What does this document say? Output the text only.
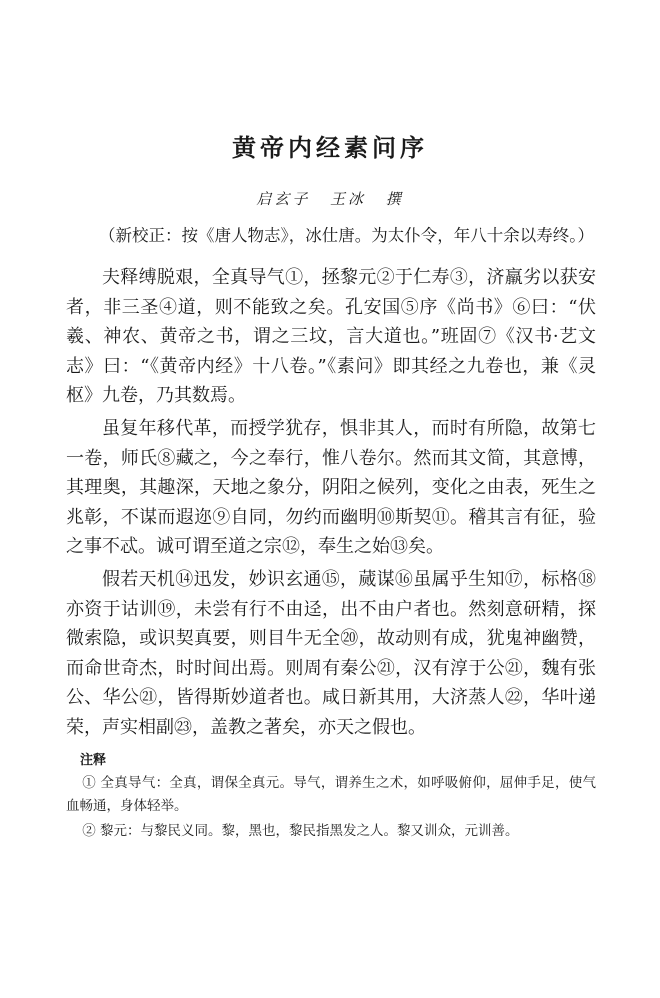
黄帝内经素问序
启玄子 王冰 撰

（新校正：按《唐人物志》，冰仕唐。为太仆令，年八十余以寿终。）

夫释缚脱艰，全真导气①，拯黎元②于仁寿③，济羸劣以获安者，非三圣④道，则不能致之矣。孔安国⑤序《尚书》⑥曰：“伏羲、神农、黄帝之书，谓之三坟，言大道也。”班固⑦《汉书·艺文志》曰：“《黄帝内经》十八卷。”《素问》即其经之九卷也，兼《灵枢》九卷，乃其数焉。

虽复年移代革，而授学犹存，惧非其人，而时有所隐，故第七一卷，师氏⑧藏之，今之奉行，惟八卷尔。然而其文简，其意博，其理奥，其趣深，天地之象分，阴阳之候列，变化之由表，死生之兆彰，不谋而遐迩⑨自同，勿约而幽明⑩斯契⑪。稽其言有征，验之事不忒。诚可谓至道之宗⑫，奉生之始⑬矣。

假若天机⑭迅发，妙识玄通⑮，蒇谋⑯虽属乎生知⑰，标格⑱亦资于诂训⑲，未尝有行不由迳，出不由户者也。然刻意研精，探微索隐，或识契真要，则目牛无全⑳，故动则有成，犹鬼神幽赞，而命世奇杰，时时间出焉。则周有秦公㉑，汉有淳于公㉑，魏有张公、华公㉑，皆得斯妙道者也。咸日新其用，大济蒸人㉒，华叶递荣，声实相副㉓，盖教之著矣，亦天之假也。

注释

① 全真导气：全真，谓保全真元。导气，谓养生之术，如呼吸俯仰，屈伸手足，使气血畅通，身体轻举。

② 黎元：与黎民义同。黎，黑也，黎民指黑发之人。黎又训众，元训善。
